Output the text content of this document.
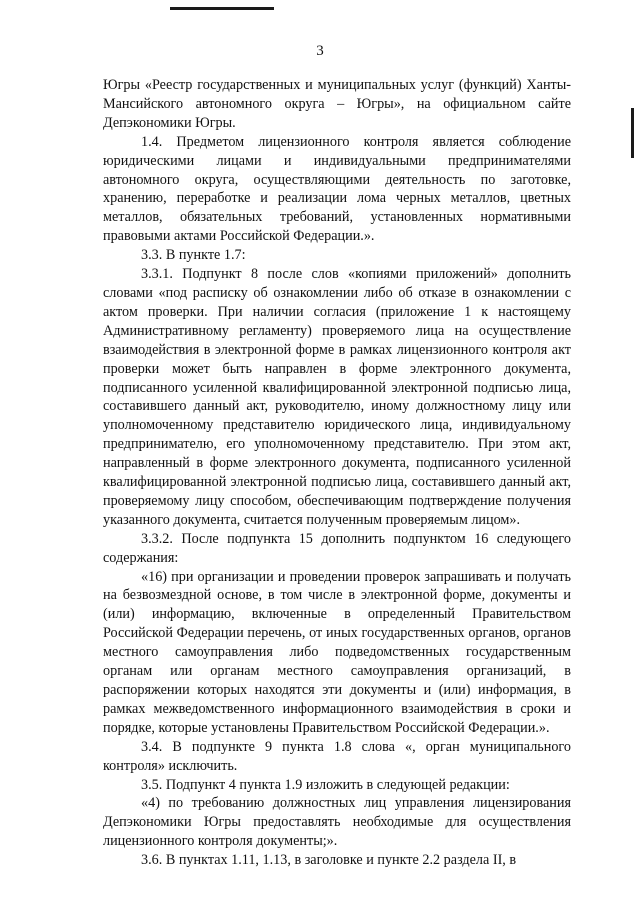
3

Югры «Реестр государственных и муниципальных услуг (функций) Ханты-Мансийского автономного округа – Югры», на официальном сайте Депэкономики Югры.

1.4. Предметом лицензионного контроля является соблюдение юридическими лицами и индивидуальными предпринимателями автономного округа, осуществляющими деятельность по заготовке, хранению, переработке и реализации лома черных металлов, цветных металлов, обязательных требований, установленных нормативными правовыми актами Российской Федерации.».

3.3. В пункте 1.7:

3.3.1. Подпункт 8 после слов «копиями приложений» дополнить словами «под расписку об ознакомлении либо об отказе в ознакомлении с актом проверки. При наличии согласия (приложение 1 к настоящему Административному регламенту) проверяемого лица на осуществление взаимодействия в электронной форме в рамках лицензионного контроля акт проверки может быть направлен в форме электронного документа, подписанного усиленной квалифицированной электронной подписью лица, составившего данный акт, руководителю, иному должностному лицу или уполномоченному представителю юридического лица, индивидуальному предпринимателю, его уполномоченному представителю. При этом акт, направленный в форме электронного документа, подписанного усиленной квалифицированной электронной подписью лица, составившего данный акт, проверяемому лицу способом, обеспечивающим подтверждение получения указанного документа, считается полученным проверяемым лицом».

3.3.2. После подпункта 15 дополнить подпунктом 16 следующего содержания:

«16) при организации и проведении проверок запрашивать и получать на безвозмездной основе, в том числе в электронной форме, документы и (или) информацию, включенные в определенный Правительством Российской Федерации перечень, от иных государственных органов, органов местного самоуправления либо подведомственных государственным органам или органам местного самоуправления организаций, в распоряжении которых находятся эти документы и (или) информация, в рамках межведомственного информационного взаимодействия в сроки и порядке, которые установлены Правительством Российской Федерации.».

3.4. В подпункте 9 пункта 1.8 слова «, орган муниципального контроля» исключить.

3.5. Подпункт 4 пункта 1.9 изложить в следующей редакции:

«4) по требованию должностных лиц управления лицензирования Депэкономики Югры предоставлять необходимые для осуществления лицензионного контроля документы;».

3.6. В пунктах 1.11, 1.13, в заголовке и пункте 2.2 раздела II, в
